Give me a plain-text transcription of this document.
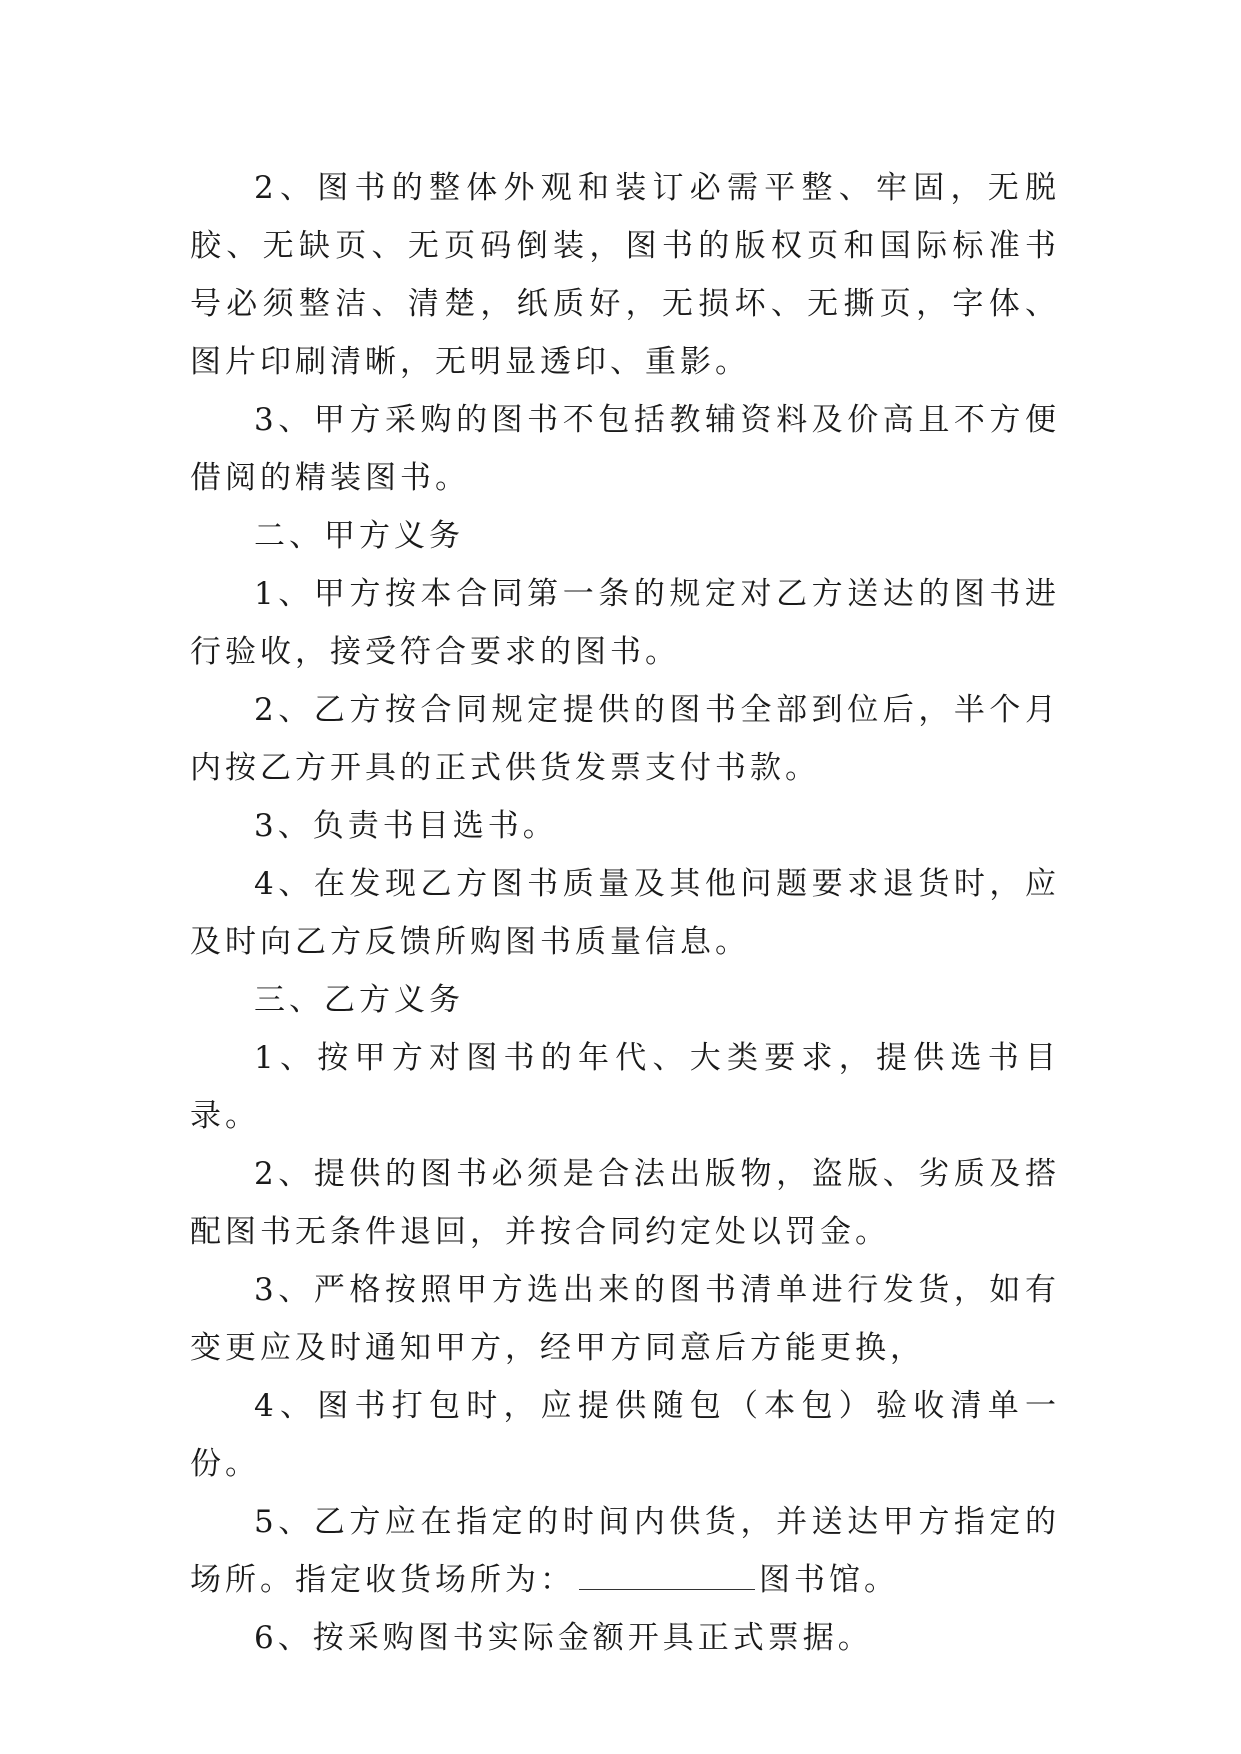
2、图书的整体外观和装订必需平整、牢固，无脱胶、无缺页、无页码倒装，图书的版权页和国际标准书号必须整洁、清楚，纸质好，无损坏、无撕页，字体、图片印刷清晰，无明显透印、重影。

3、甲方采购的图书不包括教辅资料及价高且不方便借阅的精装图书。

二、甲方义务

1、甲方按本合同第一条的规定对乙方送达的图书进行验收，接受符合要求的图书。

2、乙方按合同规定提供的图书全部到位后，半个月内按乙方开具的正式供货发票支付书款。

3、负责书目选书。

4、在发现乙方图书质量及其他问题要求退货时，应及时向乙方反馈所购图书质量信息。

三、乙方义务

1、按甲方对图书的年代、大类要求，提供选书目录。

2、提供的图书必须是合法出版物，盗版、劣质及搭配图书无条件退回，并按合同约定处以罚金。

3、严格按照甲方选出来的图书清单进行发货，如有变更应及时通知甲方，经甲方同意后方能更换，

4、图书打包时，应提供随包（本包）验收清单一份。

5、乙方应在指定的时间内供货，并送达甲方指定的场所。指定收货场所为：	图书馆。

6、按采购图书实际金额开具正式票据。
